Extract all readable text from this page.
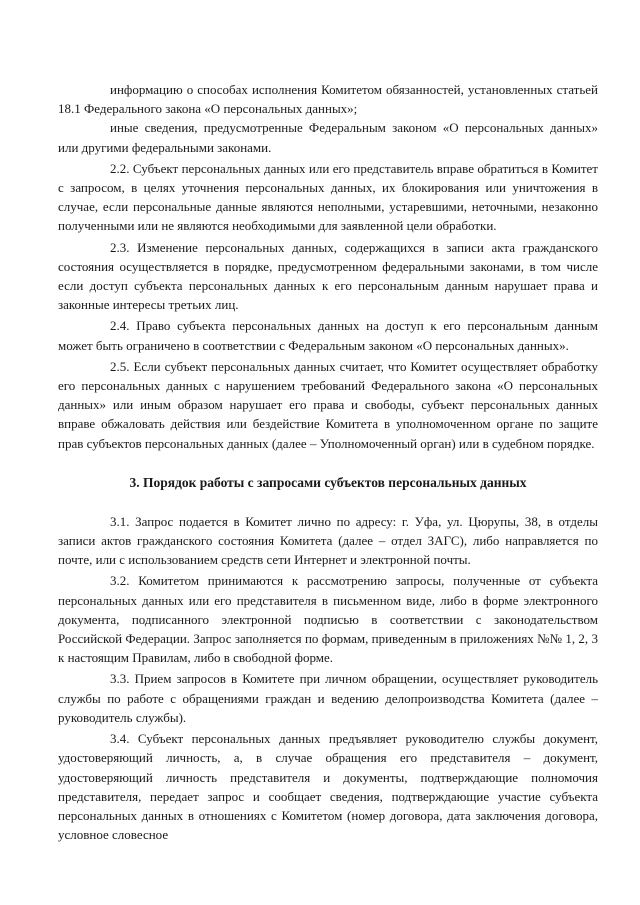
информацию о способах исполнения Комитетом обязанностей, установленных статьей 18.1 Федерального закона «О персональных данных»;

иные сведения, предусмотренные Федеральным законом «О персональных данных» или другими федеральными законами.

2.2. Субъект персональных данных или его представитель вправе обратиться в Комитет с запросом, в целях уточнения персональных данных, их блокирования или уничтожения в случае, если персональные данные являются неполными, устаревшими, неточными, незаконно полученными или не являются необходимыми для заявленной цели обработки.

2.3. Изменение персональных данных, содержащихся в записи акта гражданского состояния осуществляется в порядке, предусмотренном федеральными законами, в том числе если доступ субъекта персональных данных к его персональным данным нарушает права и законные интересы третьих лиц.

2.4. Право субъекта персональных данных на доступ к его персональным данным может быть ограничено в соответствии с Федеральным законом «О персональных данных».

2.5. Если субъект персональных данных считает, что Комитет осуществляет обработку его персональных данных с нарушением требований Федерального закона «О персональных данных» или иным образом нарушает его права и свободы, субъект персональных данных вправе обжаловать действия или бездействие Комитета в уполномоченном органе по защите прав субъектов персональных данных (далее – Уполномоченный орган) или в судебном порядке.

3. Порядок работы с запросами субъектов персональных данных

3.1. Запрос подается в Комитет лично по адресу: г. Уфа, ул. Цюрупы, 38, в отделы записи актов гражданского состояния Комитета (далее – отдел ЗАГС), либо направляется по почте, или с использованием средств сети Интернет и электронной почты.

3.2. Комитетом принимаются к рассмотрению запросы, полученные от субъекта персональных данных или его представителя в письменном виде, либо в форме электронного документа, подписанного электронной подписью в соответствии с законодательством Российской Федерации. Запрос заполняется по формам, приведенным в приложениях №№ 1, 2, 3 к настоящим Правилам, либо в свободной форме.

3.3. Прием запросов в Комитете при личном обращении, осуществляет руководитель службы по работе с обращениями граждан и ведению делопроизводства Комитета (далее – руководитель службы).

3.4. Субъект персональных данных предъявляет руководителю службы документ, удостоверяющий личность, а, в случае обращения его представителя – документ, удостоверяющий личность представителя и документы, подтверждающие полномочия представителя, передает запрос и сообщает сведения, подтверждающие участие субъекта персональных данных в отношениях с Комитетом (номер договора, дата заключения договора, условное словесное
